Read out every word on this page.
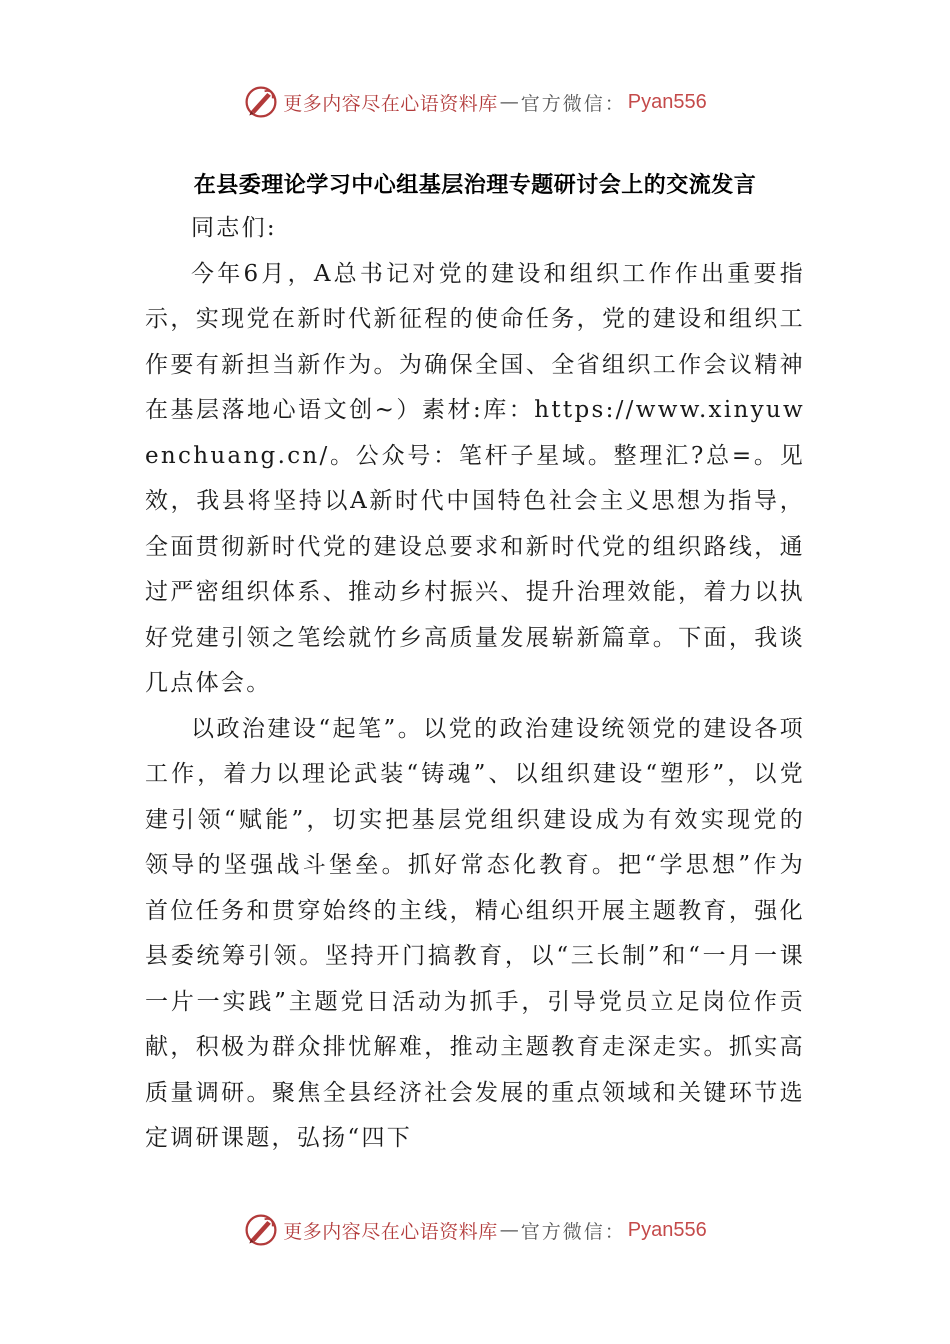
更多内容尽在心语资料库 — 官方微信： Pyan556
在县委理论学习中心组基层治理专题研讨会上的交流发言

同志们:

今年6月，A总书记对党的建设和组织工作作出重要指示，实现党在新时代新征程的使命任务，党的建设和组织工作要有新担当新作为。为确保全国、全省组织工作会议精神在基层落地心语文创~）素材:库：https://www.xinyuwenchuang.cn/。公众号：笔杆子星域。整理汇?总=。见效，我县将坚持以A新时代中国特色社会主义思想为指导，全面贯彻新时代党的建设总要求和新时代党的组织路线，通过严密组织体系、推动乡村振兴、提升治理效能，着力以执好党建引领之笔绘就竹乡高质量发展崭新篇章。下面，我谈几点体会。

以政治建设“起笔”。以党的政治建设统领党的建设各项工作，着力以理论武装“铸魂”、以组织建设“塑形”，以党建引领“赋能”，切实把基层党组织建设成为有效实现党的领导的坚强战斗堡垒。抓好常态化教育。把“学思想”作为首位任务和贯穿始终的主线，精心组织开展主题教育，强化县委统筹引领。坚持开门搞教育，以“三长制”和“一月一课一片一实践”主题党日活动为抓手，引导党员立足岗位作贡献，积极为群众排忧解难，推动主题教育走深走实。抓实高质量调研。聚焦全县经济社会发展的重点领域和关键环节选定调研课题，弘扬“四下

更多内容尽在心语资料库 — 官方微信： Pyan556
